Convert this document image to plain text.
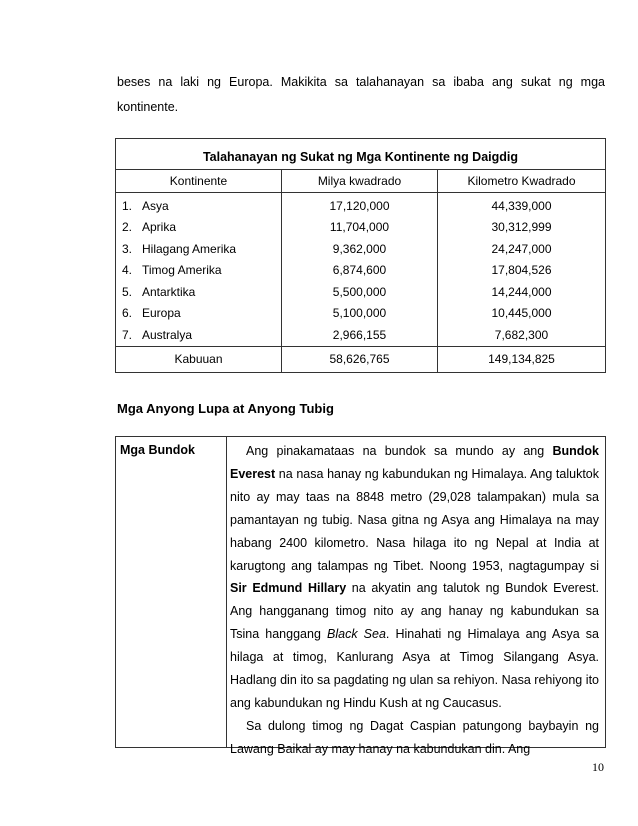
beses na laki ng Europa. Makikita sa talahanayan sa ibaba ang sukat ng mga kontinente.
Talahanayan ng Sukat ng Mga Kontinente ng Daigdig		
Kontinente	Milya kwadrado	Kilometro Kwadrado
1. Asya	17,120,000	44,339,000
2. Aprika	11,704,000	30,312,999
3. Hilagang Amerika	9,362,000	24,247,000
4. Timog Amerika	6,874,600	17,804,526
5. Antarktika	5,500,000	14,244,000
6. Europa	5,100,000	10,445,000
7. Australya	2,966,155	7,682,300
Kabuuan	58,626,765	149,134,825
Mga Anyong Lupa at Anyong Tubig
Mga Bundok	Ang pinakamataas na bundok sa mundo ay ang Bundok Everest na nasa hanay ng kabundukan ng Himalaya. Ang taluktok nito ay may taas na 8848 metro (29,028 talampakan) mula sa pamantayan ng tubig. Nasa gitna ng Asya ang Himalaya na may habang 2400 kilometro. Nasa hilaga ito ng Nepal at India at karugtong ang talampas ng Tibet. Noong 1953, nagtagumpay si Sir Edmund Hillary na akyatin ang talutok ng Bundok Everest. Ang hangganang timog nito ay ang hanay ng kabundukan sa Tsina hanggang Black Sea. Hinahati ng Himalaya ang Asya sa hilaga at timog, Kanlurang Asya at Timog Silangang Asya. Hadlang din ito sa pagdating ng ulan sa rehiyon. Nasa rehiyong ito ang kabundukan ng Hindu Kush at ng Caucasus.

Sa dulong timog ng Dagat Caspian patungong baybayin ng Lawang Baikal ay may hanay na kabundukan din. Ang

10
